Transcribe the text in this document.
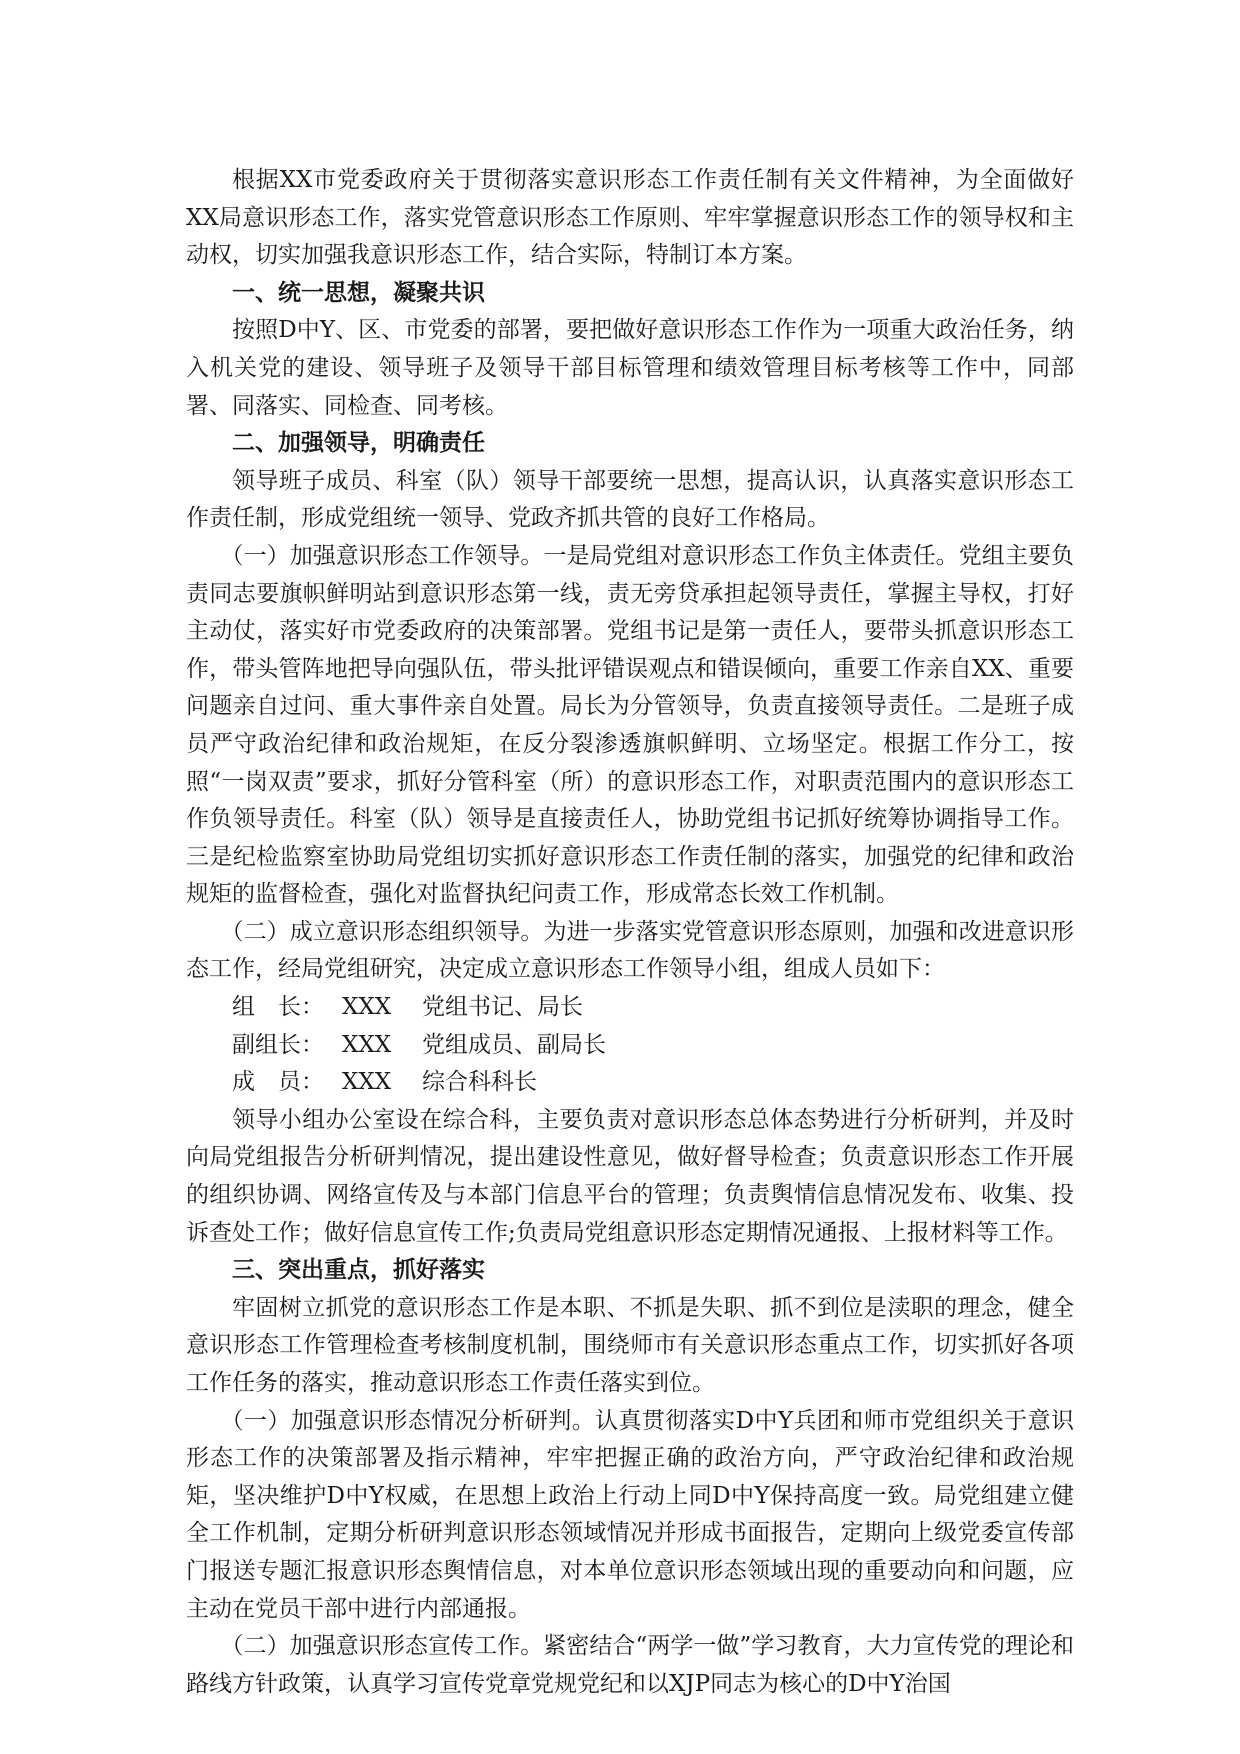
根据XX市党委政府关于贯彻落实意识形态工作责任制有关文件精神，为全面做好XX局意识形态工作，落实党管意识形态工作原则、牢牢掌握意识形态工作的领导权和主动权，切实加强我意识形态工作，结合实际，特制订本方案。

一、统一思想，凝聚共识

按照D中Y、区、市党委的部署，要把做好意识形态工作作为一项重大政治任务，纳入机关党的建设、领导班子及领导干部目标管理和绩效管理目标考核等工作中，同部署、同落实、同检查、同考核。

二、加强领导，明确责任

领导班子成员、科室（队）领导干部要统一思想，提高认识，认真落实意识形态工作责任制，形成党组统一领导、党政齐抓共管的良好工作格局。

（一）加强意识形态工作领导。一是局党组对意识形态工作负主体责任。党组主要负责同志要旗帜鲜明站到意识形态第一线，责无旁贷承担起领导责任，掌握主导权，打好主动仗，落实好市党委政府的决策部署。党组书记是第一责任人，要带头抓意识形态工作，带头管阵地把导向强队伍，带头批评错误观点和错误倾向，重要工作亲自XX、重要问题亲自过问、重大事件亲自处置。局长为分管领导，负责直接领导责任。二是班子成员严守政治纪律和政治规矩，在反分裂渗透旗帜鲜明、立场坚定。根据工作分工，按照“一岗双责”要求，抓好分管科室（所）的意识形态工作，对职责范围内的意识形态工作负领导责任。科室（队）领导是直接责任人，协助党组书记抓好统筹协调指导工作。三是纪检监察室协助局党组切实抓好意识形态工作责任制的落实，加强党的纪律和政治规矩的监督检查，强化对监督执纪问责工作，形成常态长效工作机制。

（二）成立意识形态组织领导。为进一步落实党管意识形态原则，加强和改进意识形态工作，经局党组研究，决定成立意识形态工作领导小组，组成人员如下：

组　长： XXX 党组书记、局长

副组长： XXX 党组成员、副局长

成　员： XXX 综合科科长

领导小组办公室设在综合科，主要负责对意识形态总体态势进行分析研判，并及时向局党组报告分析研判情况，提出建设性意见，做好督导检查；负责意识形态工作开展的组织协调、网络宣传及与本部门信息平台的管理；负责舆情信息情况发布、收集、投诉查处工作；做好信息宣传工作;负责局党组意识形态定期情况通报、上报材料等工作。

三、突出重点，抓好落实

牢固树立抓党的意识形态工作是本职、不抓是失职、抓不到位是渎职的理念，健全意识形态工作管理检查考核制度机制，围绕师市有关意识形态重点工作，切实抓好各项工作任务的落实，推动意识形态工作责任落实到位。

（一）加强意识形态情况分析研判。认真贯彻落实D中Y兵团和师市党组织关于意识形态工作的决策部署及指示精神，牢牢把握正确的政治方向，严守政治纪律和政治规矩，坚决维护D中Y权威，在思想上政治上行动上同D中Y保持高度一致。局党组建立健全工作机制，定期分析研判意识形态领域情况并形成书面报告，定期向上级党委宣传部门报送专题汇报意识形态舆情信息，对本单位意识形态领域出现的重要动向和问题，应主动在党员干部中进行内部通报。

（二）加强意识形态宣传工作。紧密结合“两学一做”学习教育，大力宣传党的理论和路线方针政策，认真学习宣传党章党规党纪和以XJP同志为核心的D中Y治国
